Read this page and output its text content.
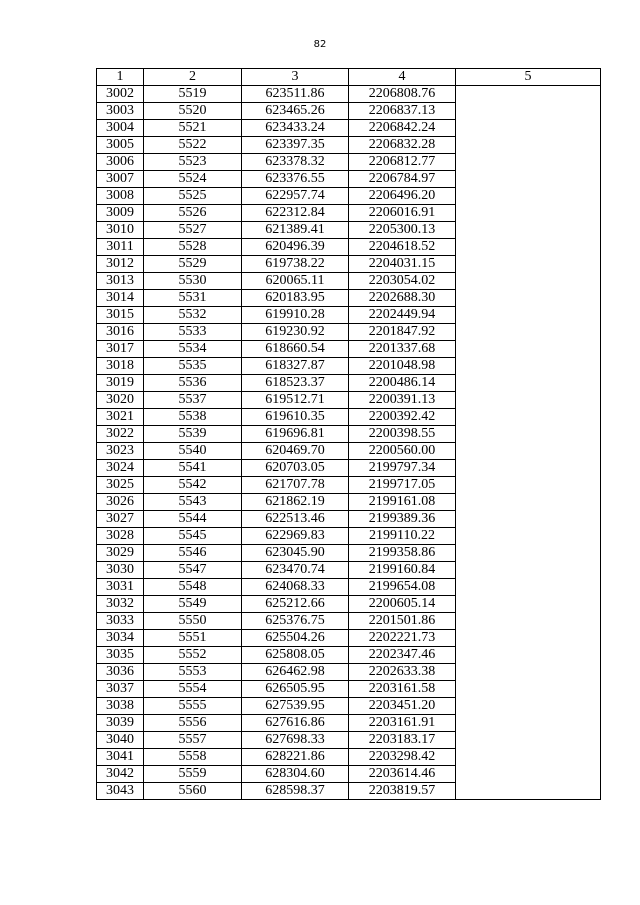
82
1	2	3	4	5
3002	5519	623511.86	2206808.76	
3003	5520	623465.26	2206837.13	
3004	5521	623433.24	2206842.24	
3005	5522	623397.35	2206832.28	
3006	5523	623378.32	2206812.77	
3007	5524	623376.55	2206784.97	
3008	5525	622957.74	2206496.20	
3009	5526	622312.84	2206016.91	
3010	5527	621389.41	2205300.13	
3011	5528	620496.39	2204618.52	
3012	5529	619738.22	2204031.15	
3013	5530	620065.11	2203054.02	
3014	5531	620183.95	2202688.30	
3015	5532	619910.28	2202449.94	
3016	5533	619230.92	2201847.92	
3017	5534	618660.54	2201337.68	
3018	5535	618327.87	2201048.98	
3019	5536	618523.37	2200486.14	
3020	5537	619512.71	2200391.13	
3021	5538	619610.35	2200392.42	
3022	5539	619696.81	2200398.55	
3023	5540	620469.70	2200560.00	
3024	5541	620703.05	2199797.34	
3025	5542	621707.78	2199717.05	
3026	5543	621862.19	2199161.08	
3027	5544	622513.46	2199389.36	
3028	5545	622969.83	2199110.22	
3029	5546	623045.90	2199358.86	
3030	5547	623470.74	2199160.84	
3031	5548	624068.33	2199654.08	
3032	5549	625212.66	2200605.14	
3033	5550	625376.75	2201501.86	
3034	5551	625504.26	2202221.73	
3035	5552	625808.05	2202347.46	
3036	5553	626462.98	2202633.38	
3037	5554	626505.95	2203161.58	
3038	5555	627539.95	2203451.20	
3039	5556	627616.86	2203161.91	
3040	5557	627698.33	2203183.17	
3041	5558	628221.86	2203298.42	
3042	5559	628304.60	2203614.46	
3043	5560	628598.37	2203819.57	
